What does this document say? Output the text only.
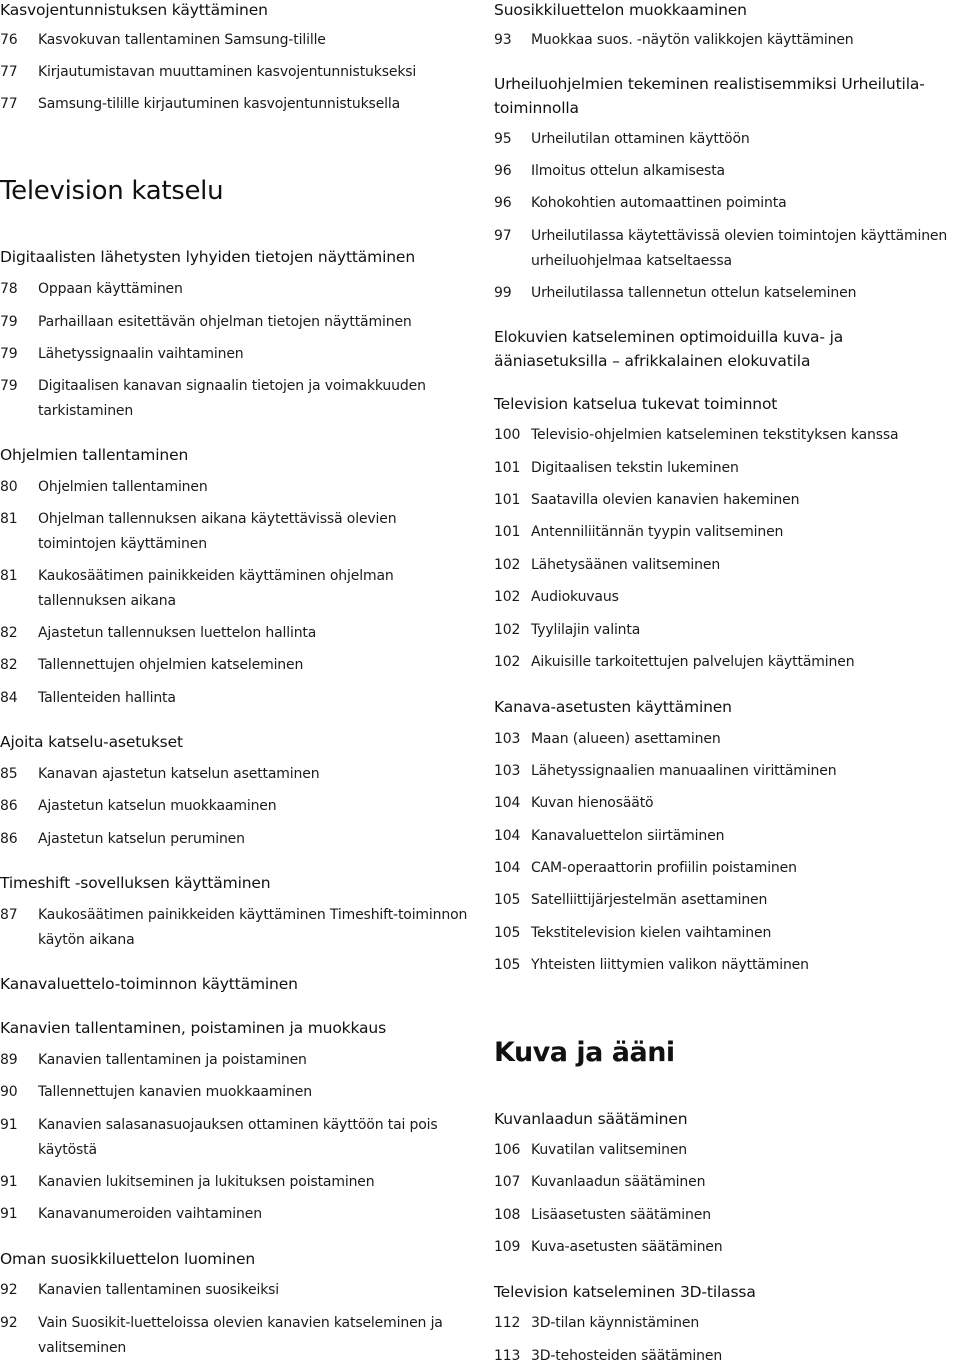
Kasvojentunnistuksen käyttäminen
76	Kasvokuvan tallentaminen Samsung-tilille
77	Kirjautumistavan muuttaminen kasvojentunnistukseksi
77	Samsung-tilille kirjautuminen kasvojentunnistuksella
Television katselu
Digitaalisten lähetysten lyhyiden tietojen näyttäminen
78	Oppaan käyttäminen
79	Parhaillaan esitettävän ohjelman tietojen näyttäminen
79	Lähetyssignaalin vaihtaminen
79	Digitaalisen kanavan signaalin tietojen ja voimakkuuden tarkistaminen
Ohjelmien tallentaminen
80	Ohjelmien tallentaminen
81	Ohjelman tallennuksen aikana käytettävissä olevien toimintojen käyttäminen
81	Kaukosäätimen painikkeiden käyttäminen ohjelman tallennuksen aikana
82	Ajastetun tallennuksen luettelon hallinta
82	Tallennettujen ohjelmien katseleminen
84	Tallenteiden hallinta
Ajoita katselu-asetukset
85	Kanavan ajastetun katselun asettaminen
86	Ajastetun katselun muokkaaminen
86	Ajastetun katselun peruminen
Timeshift -sovelluksen käyttäminen
87	Kaukosäätimen painikkeiden käyttäminen Timeshift-toiminnon käytön aikana
Kanavaluettelo-toiminnon käyttäminen
Kanavien tallentaminen, poistaminen ja muokkaus
89	Kanavien tallentaminen ja poistaminen
90	Tallennettujen kanavien muokkaaminen
91	Kanavien salasanasuojauksen ottaminen käyttöön tai pois käytöstä
91	Kanavien lukitseminen ja lukituksen poistaminen
91	Kanavanumeroiden vaihtaminen
Oman suosikkiluettelon luominen
92	Kanavien tallentaminen suosikeiksi
92	Vain Suosikit-luetteloissa olevien kanavien katseleminen ja valitseminen
Suosikkiluettelon muokkaaminen
93	Muokkaa suos. -näytön valikkojen käyttäminen
Urheiluohjelmien tekeminen realistisemmiksi Urheilutila-toiminnolla
95	Urheilutilan ottaminen käyttöön
96	Ilmoitus ottelun alkamisesta
96	Kohokohtien automaattinen poiminta
97	Urheilutilassa käytettävissä olevien toimintojen käyttäminen urheiluohjelmaa katseltaessa
99	Urheilutilassa tallennetun ottelun katseleminen
Elokuvien katseleminen optimoiduilla kuva- ja ääniasetuksilla – afrikkalainen elokuvatila
Television katselua tukevat toiminnot
100 Televisio-ohjelmien katseleminen tekstityksen kanssa
101 Digitaalisen tekstin lukeminen
101 Saatavilla olevien kanavien hakeminen
101 Antenniliitännän tyypin valitseminen
102 Lähetysäänen valitseminen
102 Audiokuvaus
102 Tyylilajin valinta
102 Aikuisille tarkoitettujen palvelujen käyttäminen
Kanava-asetusten käyttäminen
103 Maan (alueen) asettaminen
103 Lähetyssignaalien manuaalinen virittäminen
104 Kuvan hienosäätö
104 Kanavaluettelon siirtäminen
104 CAM-operaattorin profiilin poistaminen
105 Satelliittijärjestelmän asettaminen
105 Tekstitelevision kielen vaihtaminen
105 Yhteisten liittymien valikon näyttäminen
Kuva ja ääni
Kuvanlaadun säätäminen
106 Kuvatilan valitseminen
107 Kuvanlaadun säätäminen
108 Lisäasetusten säätäminen
109 Kuva-asetusten säätäminen
Television katseleminen 3D-tilassa
112 3D-tilan käynnistäminen
113 3D-tehosteiden säätäminen
